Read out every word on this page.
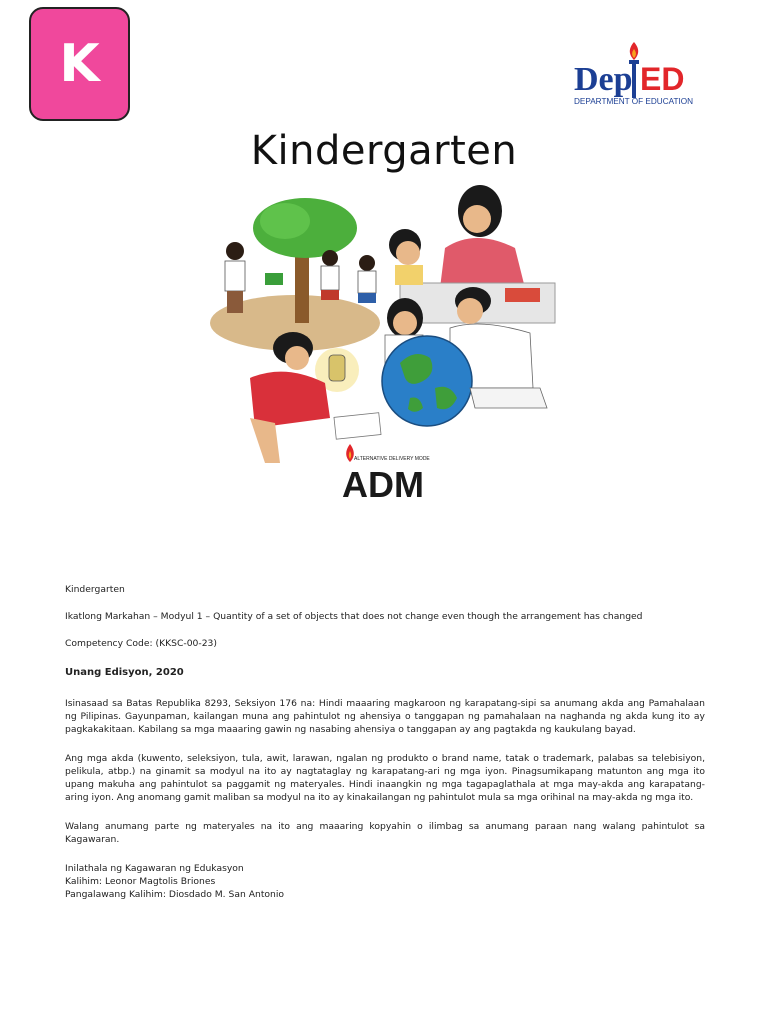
K	Dep ED
DEPARTMENT OF EDUCATION
Kindergarten
ALTERNATIVE DELIVERY MODE
ADM
Kindergarten
Ikatlong Markahan – Modyul 1 – Quantity of a set of objects that does not change even though the arrangement has changed
Competency Code: (KKSC-00-23)
Unang Edisyon, 2020

Isinasaad sa Batas Republika 8293, Seksiyon 176 na: Hindi maaaring magkaroon ng karapatang-sipi sa anumang akda ang Pamahalaan ng Pilipinas. Gayunpaman, kailangan muna ang pahintulot ng ahensiya o tanggapan ng pamahalaan na naghanda ng akda kung ito ay pagkakakitaan. Kabilang sa mga maaaring gawin ng nasabing ahensiya o tanggapan ay ang pagtakda ng kaukulang bayad.

Ang mga akda (kuwento, seleksiyon, tula, awit, larawan, ngalan ng produkto o brand name, tatak o trademark, palabas sa telebisiyon, pelikula, atbp.) na ginamit sa modyul na ito ay nagtataglay ng karapatang-ari ng mga iyon. Pinagsumikapang matunton ang mga ito upang makuha ang pahintulot sa paggamit ng materyales. Hindi inaangkin ng mga tagapaglathala at mga may-akda ang karapatang-aring iyon. Ang anomang gamit maliban sa modyul na ito ay kinakailangan ng pahintulot mula sa mga orihinal na may-akda ng mga ito.

Walang anumang parte ng materyales na ito ang maaaring kopyahin o ilimbag sa anumang paraan nang walang pahintulot sa Kagawaran.

Inilathala ng Kagawaran ng Edukasyon

Kalihim: Leonor Magtolis Briones

Pangalawang Kalihim: Diosdado M. San Antonio
